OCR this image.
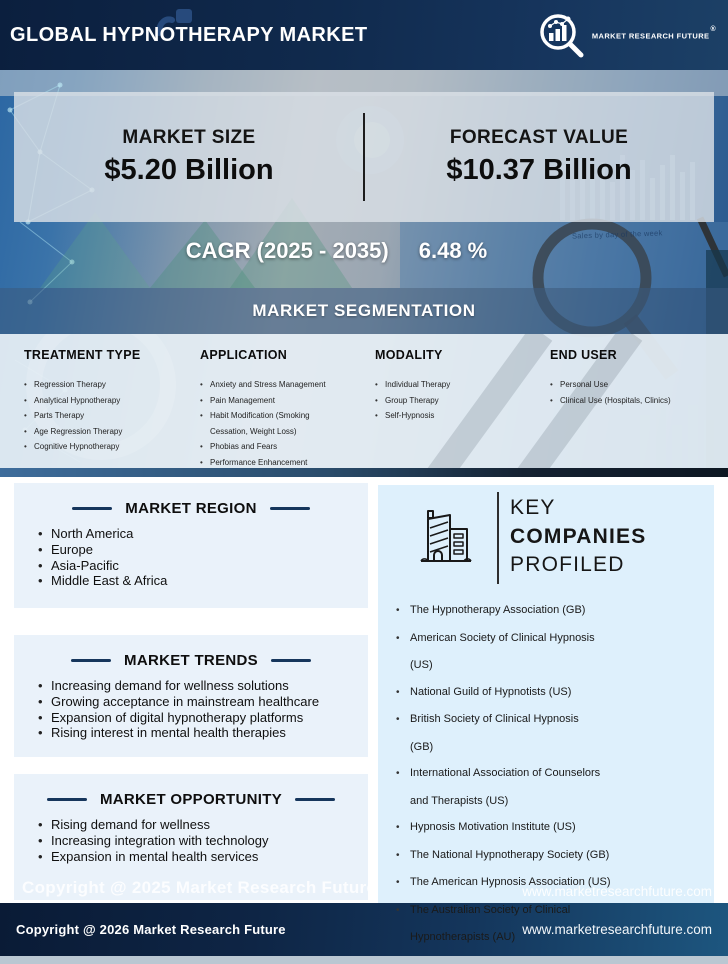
GLOBAL HYPNOTHERAPY MARKET	MARKET RESEARCH FUTURE®
Sales by day of the week
MARKET SIZE
$5.20 Billion
FORECAST VALUE
$10.37 Billion
CAGR (2025 - 2035) 6.48 %
MARKET SEGMENTATION
TREATMENT TYPE
• Regression Therapy
• Analytical Hypnotherapy
• Parts Therapy
• Age Regression Therapy
• Cognitive Hypnotherapy
APPLICATION
• Anxiety and Stress Management
• Pain Management
• Habit Modification (Smoking
Cessation, Weight Loss)
• Phobias and Fears
• Performance Enhancement
MODALITY
• Individual Therapy
• Group Therapy
• Self-Hypnosis
END USER
• Personal Use
• Clinical Use (Hospitals, Clinics)
MARKET REGION
• North America
• Europe
• Asia-Pacific
• Middle East & Africa
MARKET TRENDS
• Increasing demand for wellness solutions
• Growing acceptance in mainstream healthcare
• Expansion of digital hypnotherapy platforms
• Rising interest in mental health therapies
MARKET OPPORTUNITY
• Rising demand for wellness
• Increasing integration with technology
• Expansion in mental health services
KEY
COMPANIES
PROFILED
• The Hypnotherapy Association (GB)
• American Society of Clinical Hypnosis
(US)
• National Guild of Hypnotists (US)
• British Society of Clinical Hypnosis
(GB)
• International Association of Counselors
and Therapists (US)
• Hypnosis Motivation Institute (US)
• The National Hypnotherapy Society (GB)
• The American Hypnosis Association (US)
• The Australian Society of Clinical
Hypnotherapists (AU)
Copyright @ 2025 Market Research Future	www.marketresearchfuture.com
Copyright @ 2026 Market Research Future	www.marketresearchfuture.com
